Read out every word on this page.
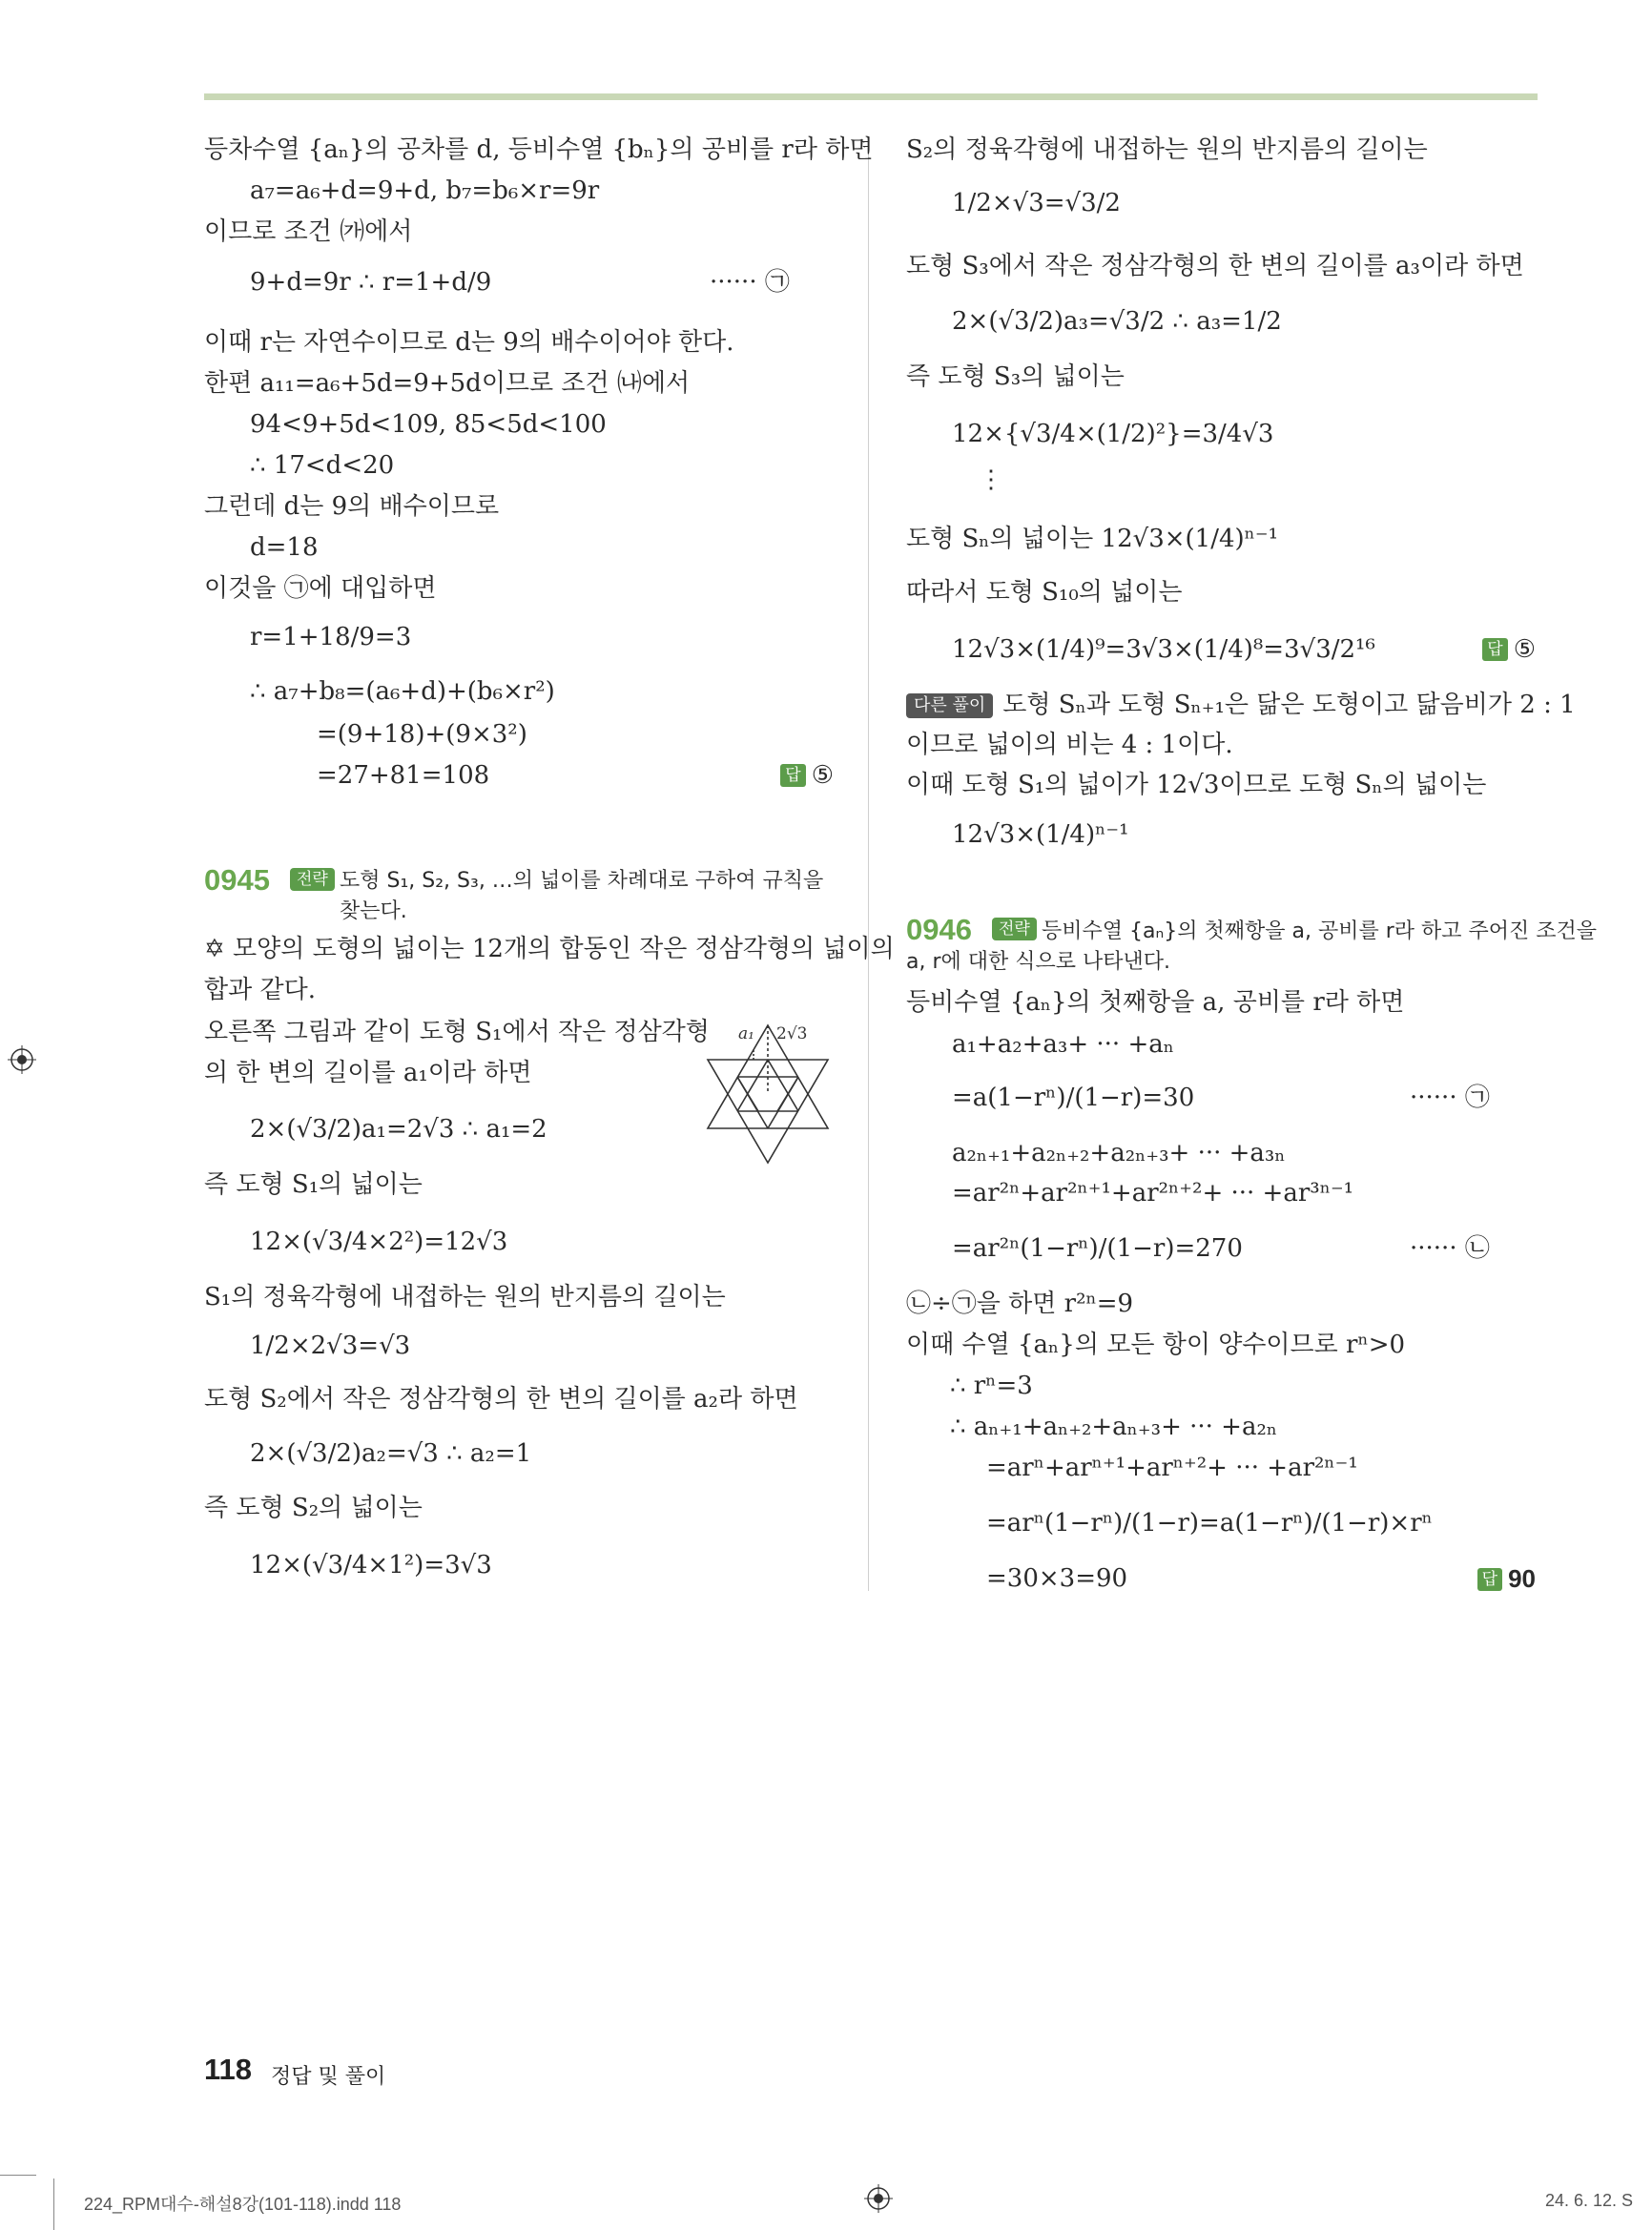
등차수열 {aₙ}의 공차를 d, 등비수열 {bₙ}의 공비를 r라 하면
a₇=a₆+d=9+d, b₇=b₆×r=9r
이므로 조건 ㈎에서
9+d=9r ∴ r=1+d/9	······ ㉠
이때 r는 자연수이므로 d는 9의 배수이어야 한다.
한편 a₁₁=a₆+5d=9+5d이므로 조건 ㈏에서
94<9+5d<109, 85<5d<100
∴ 17<d<20
그런데 d는 9의 배수이므로
d=18
이것을 ㉠에 대입하면
r=1+18/9=3
∴ a₇+b₈=(a₆+d)+(b₆×r²)
=(9+18)+(9×3²)
=27+81=108	답 ⑤
0945	전략 도형 S₁, S₂, S₃, …의 넓이를 차례대로 구하여 규칙을 찾는다.
✡ 모양의 도형의 넓이는 12개의 합동인 작은 정삼각형의 넓이의
합과 같다.
오른쪽 그림과 같이 도형 S₁에서 작은 정삼각형
의 한 변의 길이를 a₁이라 하면
2×(√3/2)a₁=2√3 ∴ a₁=2
즉 도형 S₁의 넓이는
12×(√3/4×2²)=12√3
S₁의 정육각형에 내접하는 원의 반지름의 길이는
1/2×2√3=√3
도형 S₂에서 작은 정삼각형의 한 변의 길이를 a₂라 하면
2×(√3/2)a₂=√3 ∴ a₂=1
즉 도형 S₂의 넓이는
12×(√3/4×1²)=3√3
a₁ 2√3
S₂의 정육각형에 내접하는 원의 반지름의 길이는
1/2×√3=√3/2
도형 S₃에서 작은 정삼각형의 한 변의 길이를 a₃이라 하면
2×(√3/2)a₃=√3/2 ∴ a₃=1/2
즉 도형 S₃의 넓이는
12×{√3/4×(1/2)²}=3/4√3
⋮
도형 Sₙ의 넓이는 12√3×(1/4)ⁿ⁻¹
따라서 도형 S₁₀의 넓이는
12√3×(1/4)⁹=3√3×(1/4)⁸=3√3/2¹⁶	답 ⑤
다른 풀이 도형 Sₙ과 도형 Sₙ₊₁은 닮은 도형이고 닮음비가 2 : 1
이므로 넓이의 비는 4 : 1이다.
이때 도형 S₁의 넓이가 12√3이므로 도형 Sₙ의 넓이는
12√3×(1/4)ⁿ⁻¹
0946	전략 등비수열 {aₙ}의 첫째항을 a, 공비를 r라 하고 주어진 조건을
a, r에 대한 식으로 나타낸다.
등비수열 {aₙ}의 첫째항을 a, 공비를 r라 하면
a₁+a₂+a₃+ ··· +aₙ
=a(1−rⁿ)/(1−r)=30	······ ㉠
a₂ₙ₊₁+a₂ₙ₊₂+a₂ₙ₊₃+ ··· +a₃ₙ
=ar²ⁿ+ar²ⁿ⁺¹+ar²ⁿ⁺²+ ··· +ar³ⁿ⁻¹
=ar²ⁿ(1−rⁿ)/(1−r)=270	······ ㉡
㉡÷㉠을 하면 r²ⁿ=9
이때 수열 {aₙ}의 모든 항이 양수이므로 rⁿ>0
∴ rⁿ=3
∴ aₙ₊₁+aₙ₊₂+aₙ₊₃+ ··· +a₂ₙ
=arⁿ+arⁿ⁺¹+arⁿ⁺²+ ··· +ar²ⁿ⁻¹
=arⁿ(1−rⁿ)/(1−r)=a(1−rⁿ)/(1−r)×rⁿ
=30×3=90	답 90
118 정답 및 풀이
224_RPM대수-해설8강(101-118).indd 118	24. 6. 12. S
